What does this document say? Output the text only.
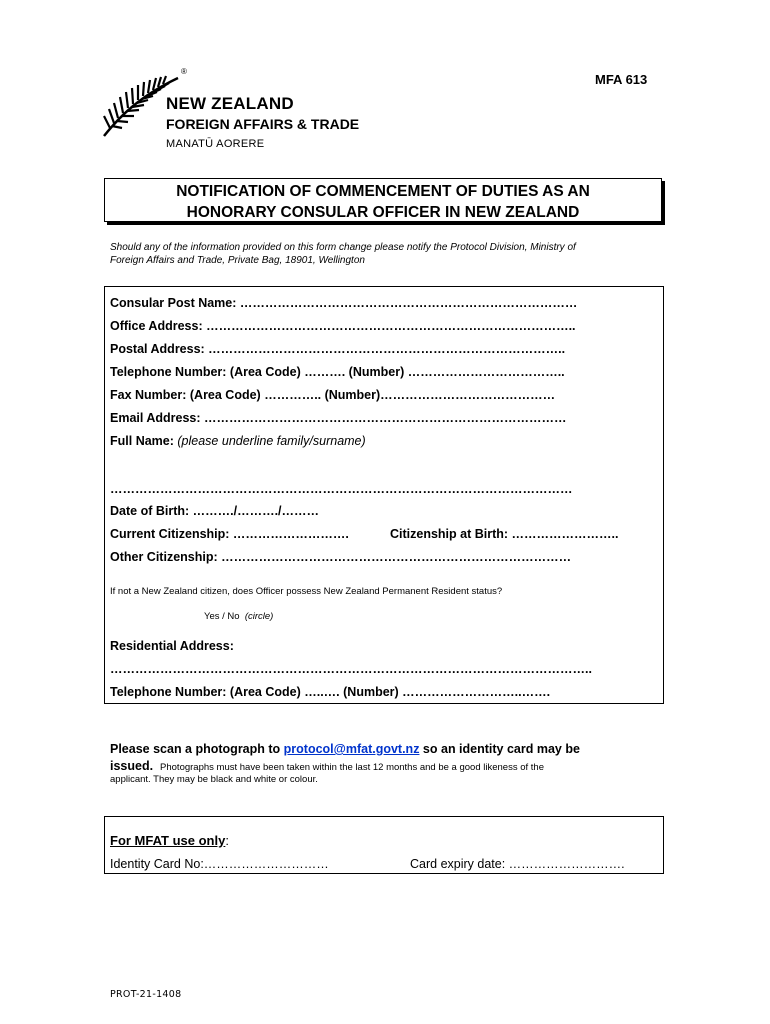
MFA 613
®
NEW ZEALAND
FOREIGN AFFAIRS & TRADE
MANATŪ AORERE
NOTIFICATION OF COMMENCEMENT OF DUTIES AS AN
HONORARY CONSULAR OFFICER IN NEW ZEALAND
Should any of the information provided on this form change please notify the Protocol Division, Ministry of
Foreign Affairs and Trade, Private Bag, 18901, Wellington
Consular Post Name: ………………………………………………………………………
Office Address: ……………………………………………………………………………..
Postal Address: …………………………………………………………………………..
Telephone Number: (Area Code) ………. (Number) ………………………………..
Fax Number: (Area Code) ………….. (Number)……………………………………
Email Address: ……………………………………………………………………………
Full Name: (please underline family/surname)
…………………………………………………………………………………………………
Date of Birth: ………./………./………
Current Citizenship: ……………………….	Citizenship at Birth: ……………………..
Other Citizenship: …………………………………………………………………………
If not a New Zealand citizen, does Officer possess New Zealand Permanent Resident status?
Yes / No (circle)
Residential Address:
……………………………………………………………………………………………………..
Telephone Number: (Area Code) …..…. (Number) ………………………..…….
Please scan a photograph to protocol@mfat.govt.nz so an identity card may be
issued. Photographs must have been taken within the last 12 months and be a good likeness of the
applicant. They may be black and white or colour.
For MFAT use only:
Identity Card No:…………………………	Card expiry date: ……………………….
PROT-21-1408
